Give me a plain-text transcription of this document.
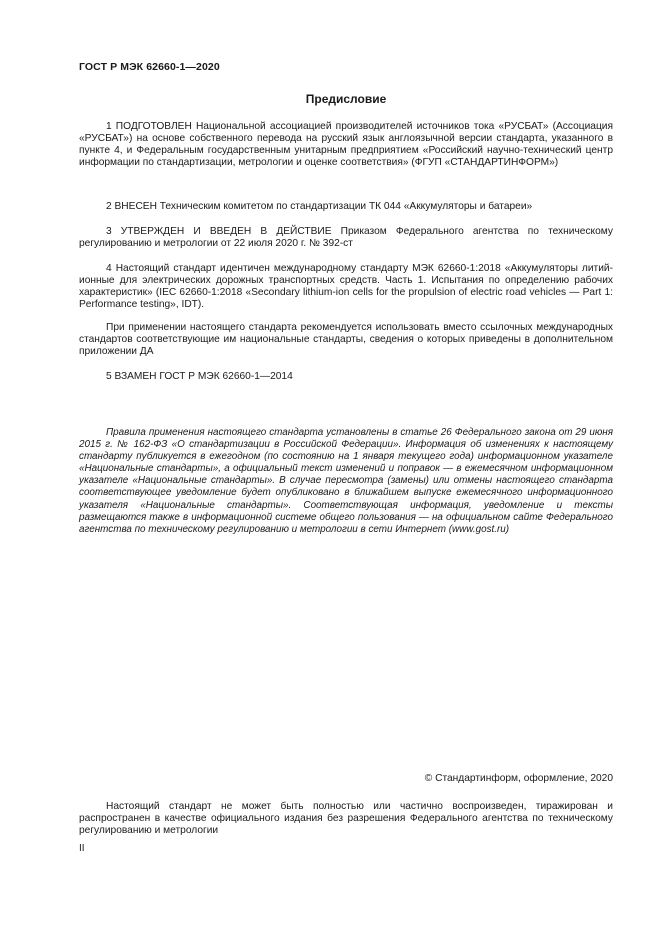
ГОСТ Р МЭК 62660-1—2020
Предисловие

1 ПОДГОТОВЛЕН Национальной ассоциацией производителей источников тока «РУСБАТ» (Ассоциация «РУСБАТ») на основе собственного перевода на русский язык англоязычной версии стандарта, указанного в пункте 4, и Федеральным государственным унитарным предприятием «Российский научно-технический центр информации по стандартизации, метрологии и оценке соответствия» (ФГУП «СТАНДАРТИНФОРМ»)

2 ВНЕСЕН Техническим комитетом по стандартизации ТК 044 «Аккумуляторы и батареи»

3 УТВЕРЖДЕН И ВВЕДЕН В ДЕЙСТВИЕ Приказом Федерального агентства по техническому регулированию и метрологии от 22 июля 2020 г. № 392-ст

4 Настоящий стандарт идентичен международному стандарту МЭК 62660-1:2018 «Аккумуляторы литий-ионные для электрических дорожных транспортных средств. Часть 1. Испытания по определению рабочих характеристик» (IEC 62660-1:2018 «Secondary lithium-ion cells for the propulsion of electric road vehicles — Part 1: Performance testing», IDT).

При применении настоящего стандарта рекомендуется использовать вместо ссылочных международных стандартов соответствующие им национальные стандарты, сведения о которых приведены в дополнительном приложении ДА

5 ВЗАМЕН ГОСТ Р МЭК 62660-1—2014

Правила применения настоящего стандарта установлены в статье 26 Федерального закона от 29 июня 2015 г. № 162-ФЗ «О стандартизации в Российской Федерации». Информация об изменениях к настоящему стандарту публикуется в ежегодном (по состоянию на 1 января текущего года) информационном указателе «Национальные стандарты», а официальный текст изменений и поправок — в ежемесячном информационном указателе «Национальные стандарты». В случае пересмотра (замены) или отмены настоящего стандарта соответствующее уведомление будет опубликовано в ближайшем выпуске ежемесячного информационного указателя «Национальные стандарты». Соответствующая информация, уведомление и тексты размещаются также в информационной системе общего пользования — на официальном сайте Федерального агентства по техническому регулированию и метрологии в сети Интернет (www.gost.ru)

© Стандартинформ, оформление, 2020

Настоящий стандарт не может быть полностью или частично воспроизведен, тиражирован и распространен в качестве официального издания без разрешения Федерального агентства по техническому регулированию и метрологии

II
